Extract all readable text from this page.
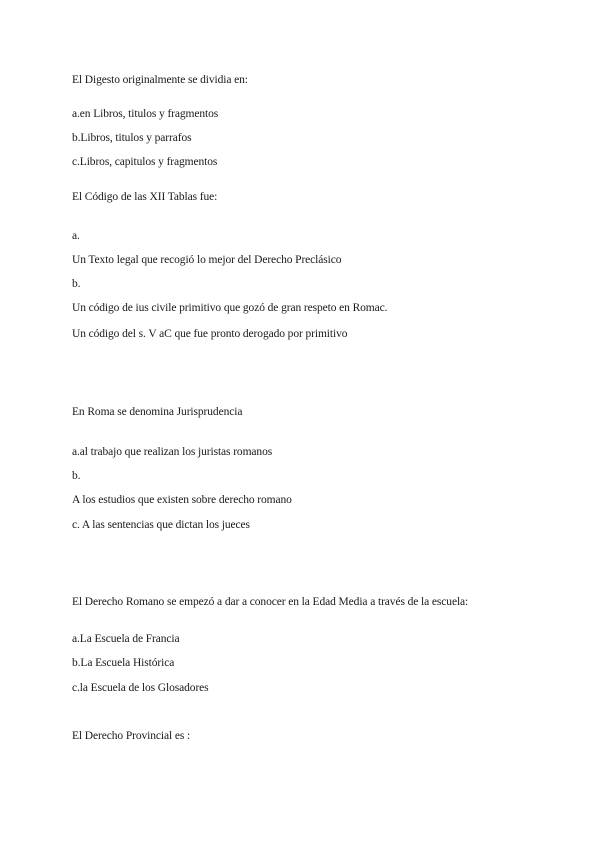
El Digesto originalmente se dividia en:
a.en Libros, titulos y fragmentos
b.Libros, titulos y parrafos
c.Libros, capitulos y fragmentos
El Código de las XII Tablas fue:
a.
Un Texto legal que recogió lo mejor del Derecho Preclásico
b.
Un código de ius civile primitivo que gozó de gran respeto en Romac.
Un código del s. V aC que fue pronto derogado por primitivo
En Roma se denomina Jurisprudencia
a.al trabajo que realizan los juristas romanos
b.
A los estudios que existen sobre derecho romano
c. A las sentencias que dictan los jueces
El Derecho Romano se empezó a dar a conocer en la Edad Media a través de la escuela:
a.La Escuela de Francia
b.La Escuela Histórica
c.la Escuela de los Glosadores
El Derecho Provincial es :
